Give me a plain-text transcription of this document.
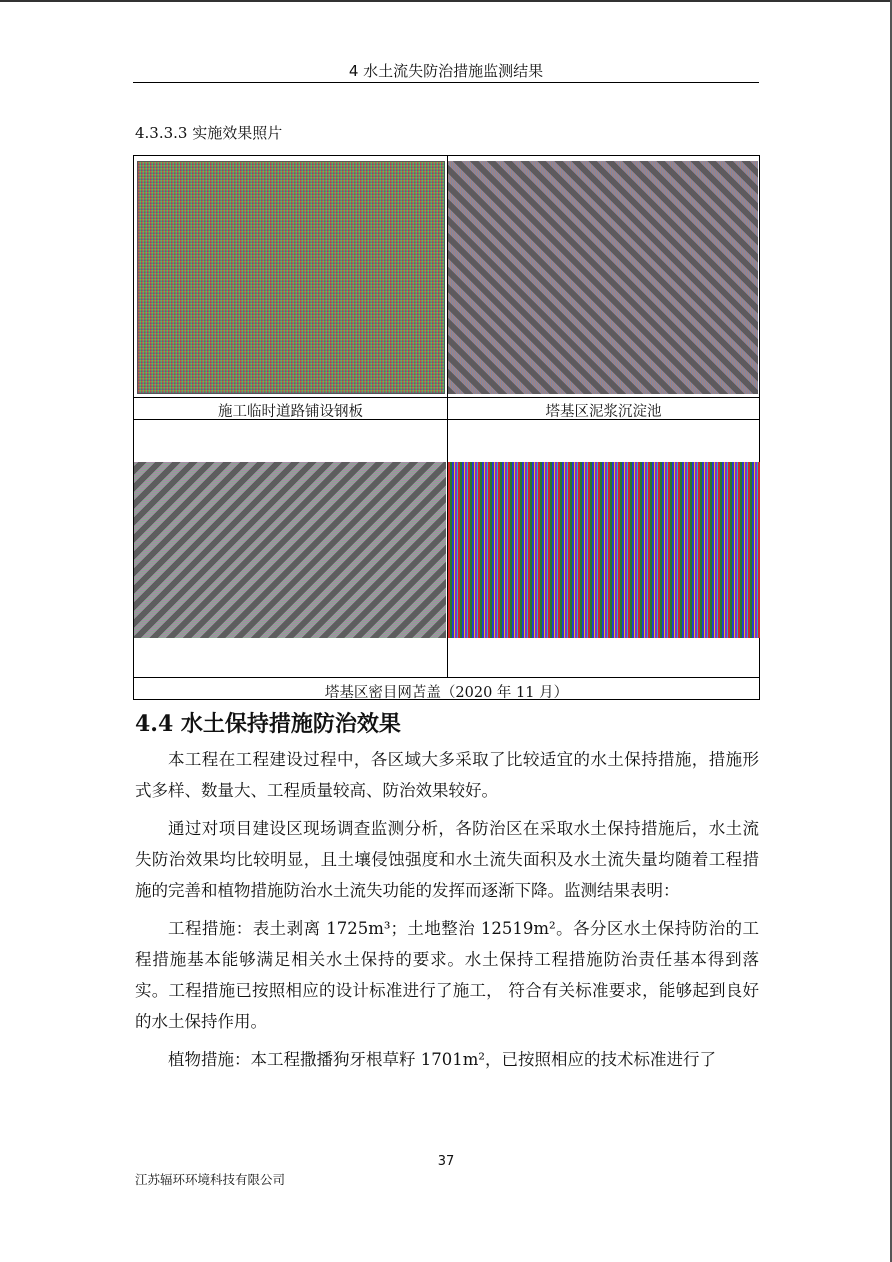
4 水土流失防治措施监测结果
4.3.3.3 实施效果照片
施工临时道路铺设钢板	塔基区泥浆沉淀池
塔基区密目网苫盖（2020 年 11 月）
4.4 水土保持措施防治效果

本工程在工程建设过程中，各区域大多采取了比较适宜的水土保持措施，措施形式多样、数量大、工程质量较高、防治效果较好。

通过对项目建设区现场调查监测分析，各防治区在采取水土保持措施后，水土流失防治效果均比较明显，且土壤侵蚀强度和水土流失面积及水土流失量均随着工程措施的完善和植物措施防治水土流失功能的发挥而逐渐下降。监测结果表明：

工程措施：表土剥离 1725m³；土地整治 12519m²。各分区水土保持防治的工程措施基本能够满足相关水土保持的要求。水土保持工程措施防治责任基本得到落实。工程措施已按照相应的设计标准进行了施工， 符合有关标准要求，能够起到良好的水土保持作用。

植物措施：本工程撒播狗牙根草籽 1701m²，已按照相应的技术标准进行了

37
江苏辐环环境科技有限公司
